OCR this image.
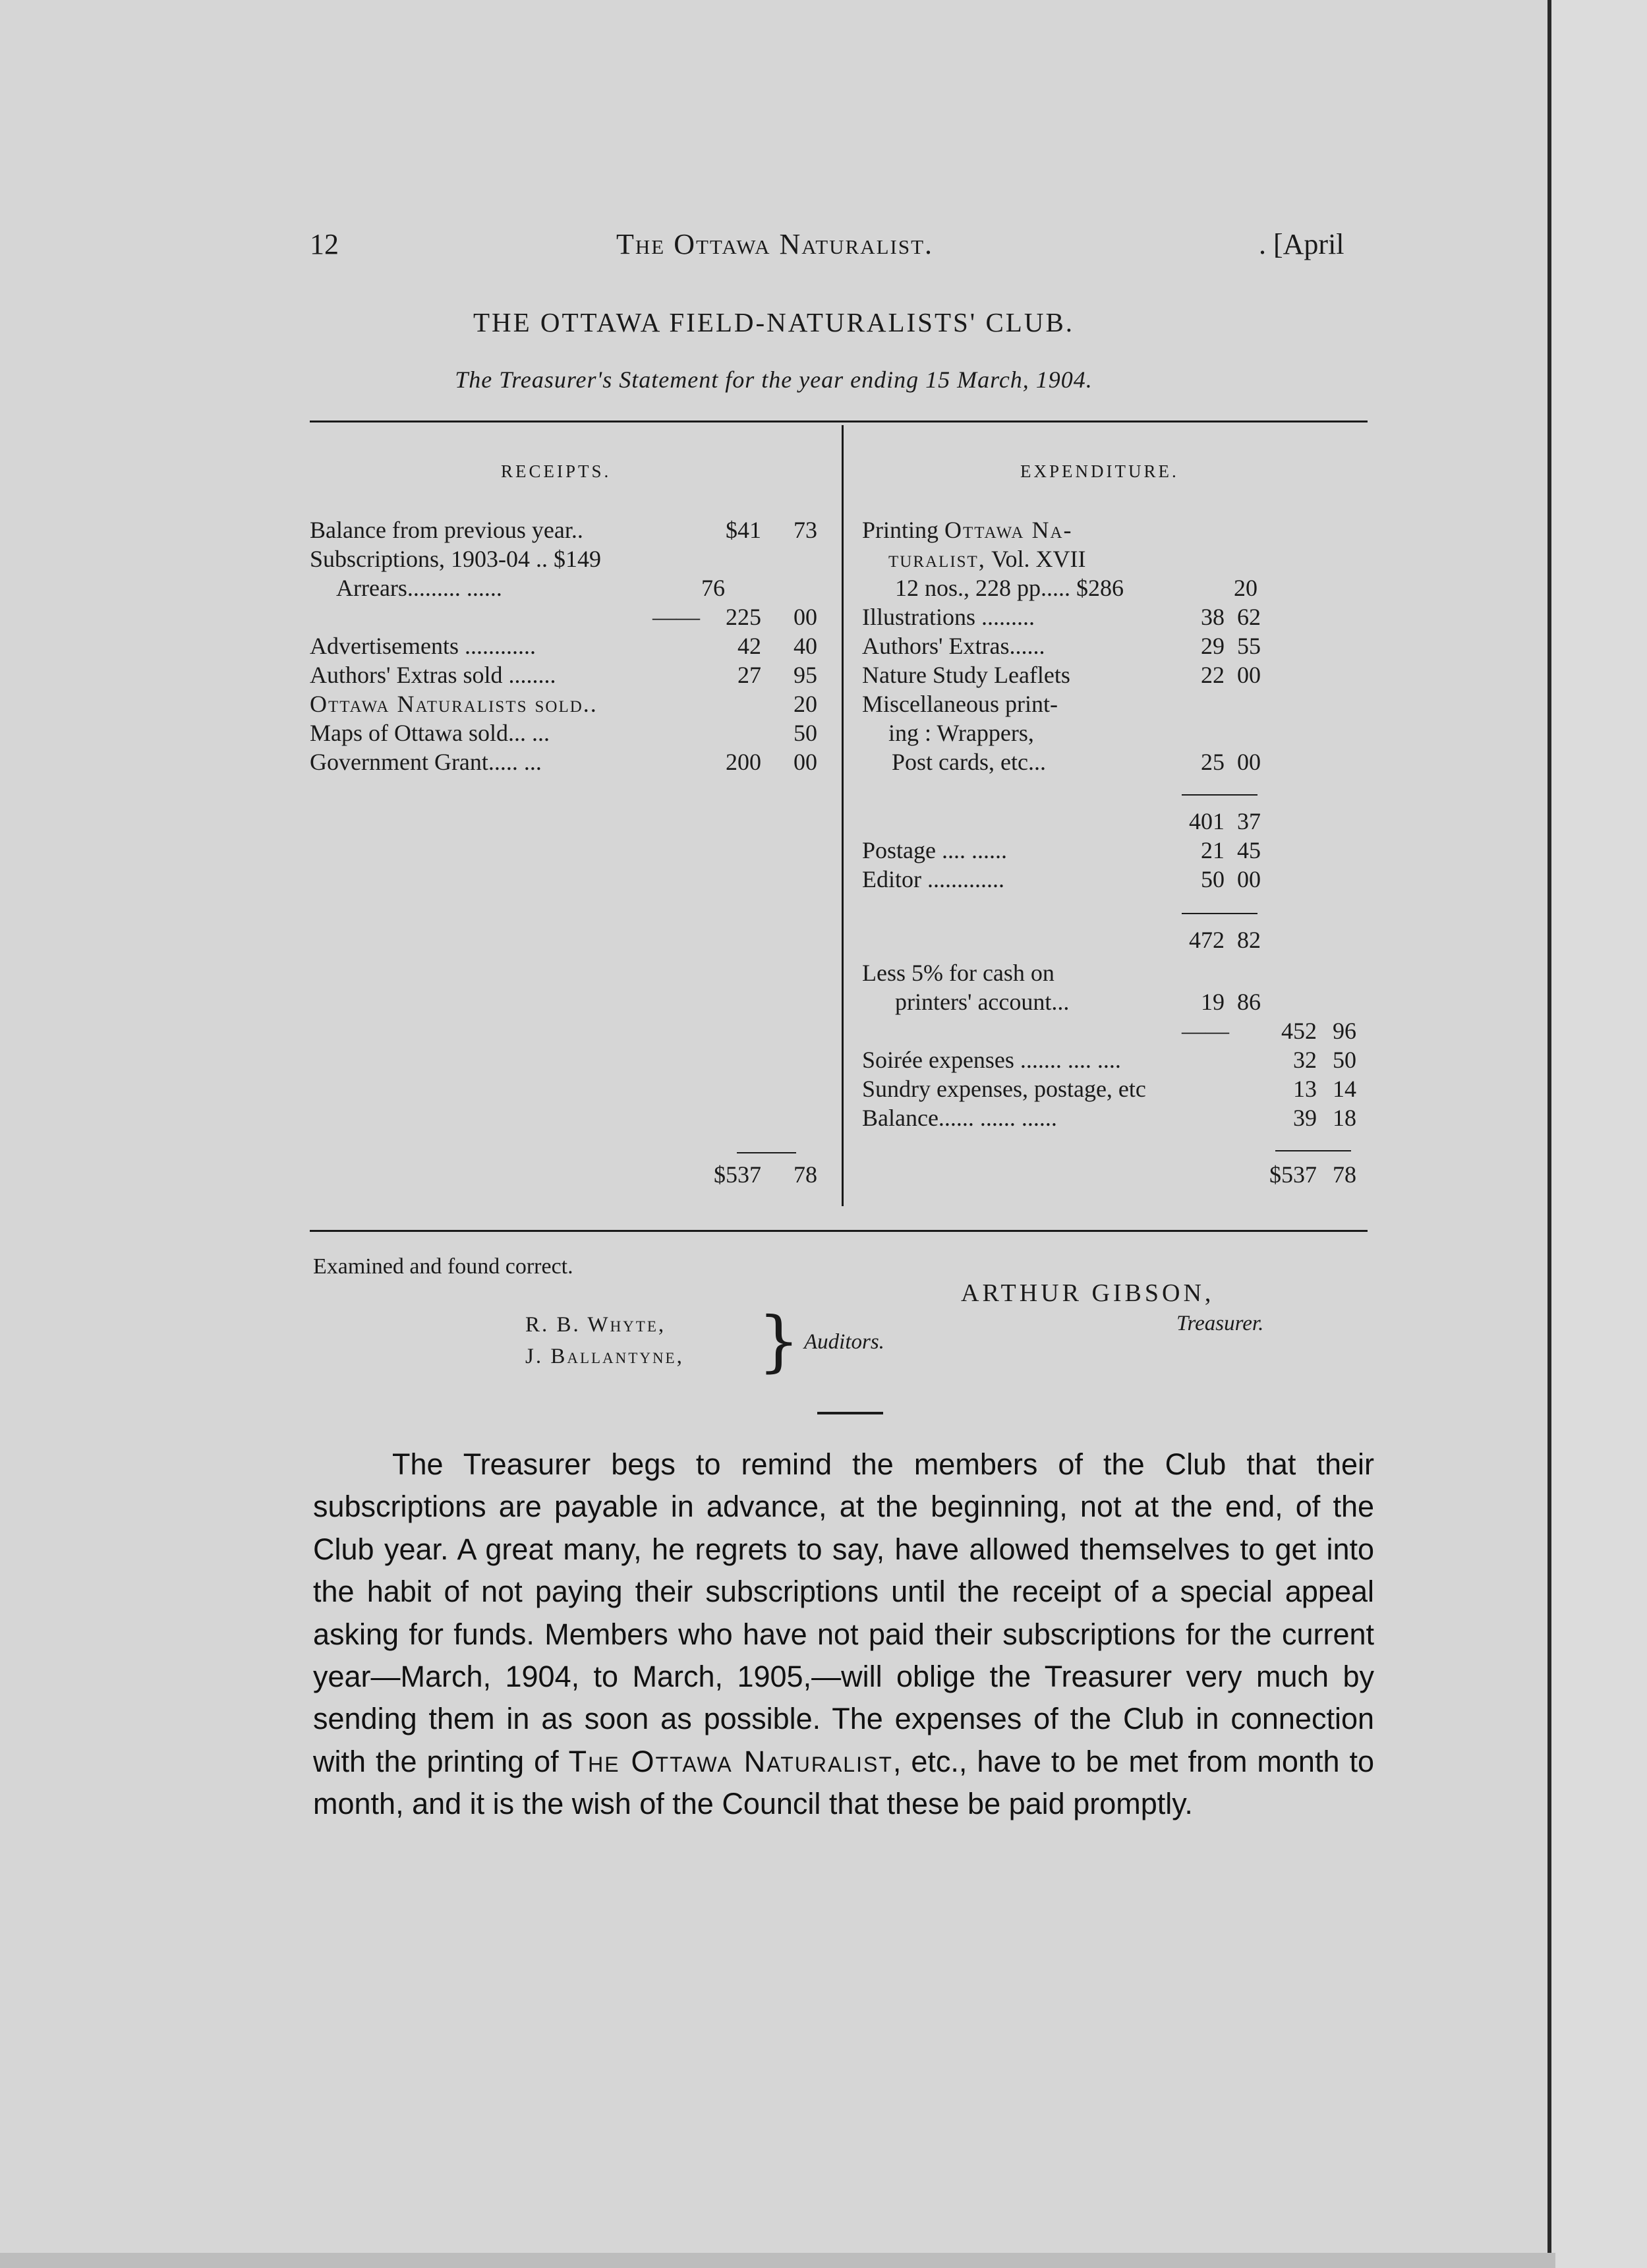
12	The Ottawa Naturalist.	. [April
THE OTTAWA FIELD-NATURALISTS' CLUB.
The Treasurer's Statement for the year ending 15 March, 1904.
RECEIPTS.	EXPENDITURE.
Balance from previous year..	$41	73
Subscriptions, 1903-04 .. $149
Arrears......... ......	76
——	225	00
Advertisements ............	42	40
Authors' Extras sold ........	27	95
Ottawa Naturalists sold..	20
Maps of Ottawa sold... ...	50
Government Grant..... ...	200	00
$537	78
Printing Ottawa Na-
turalist, Vol. XVII
12 nos., 228 pp..... $286	20
Illustrations .........	38 62
Authors' Extras......	29 55
Nature Study Leaflets	22 00
Miscellaneous print-
ing : Wrappers,
Post cards, etc...	25 00
401 37
Postage .... ......	21 45
Editor .............	50 00
472 82
Less 5% for cash on
printers' account...	19 86
——	452 96
Soirée expenses ....... .... ....	32 50
Sundry expenses, postage, etc	13 14
Balance...... ...... ......	39 18
$537 78
Examined and found correct.
ARTHUR GIBSON,
Treasurer.
R. B. Whyte,
J. Ballantyne, } Auditors.
The Treasurer begs to remind the members of the Club that their subscriptions are payable in advance, at the beginning, not at the end, of the Club year. A great many, he regrets to say, have allowed themselves to get into the habit of not paying their subscriptions until the receipt of a special appeal asking for funds. Members who have not paid their subscriptions for the current year—March, 1904, to March, 1905,—will oblige the Treasurer very much by sending them in as soon as possible. The expenses of the Club in connection with the printing of The Ottawa Naturalist, etc., have to be met from month to month, and it is the wish of the Council that these be paid promptly.
